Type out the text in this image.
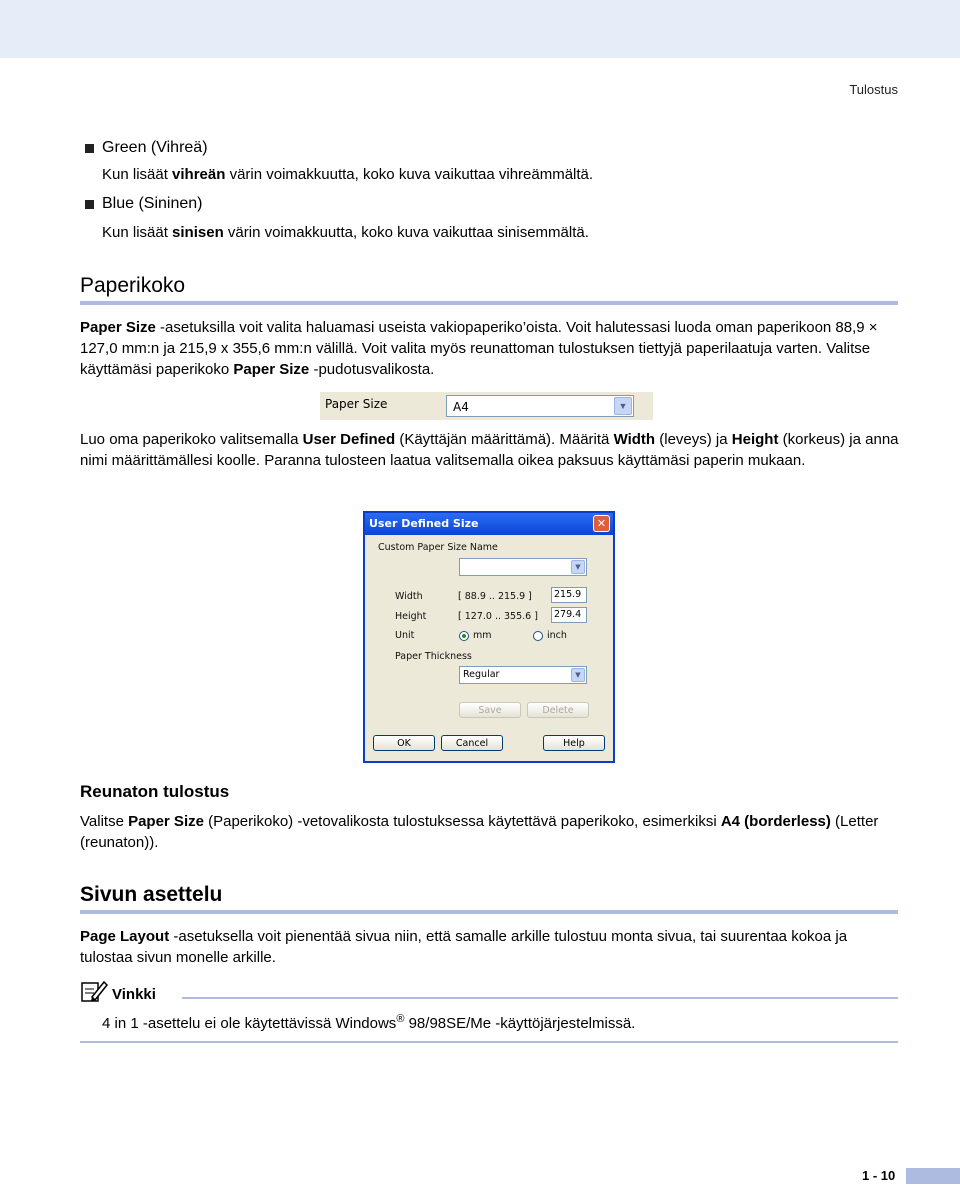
Tulostus
Green (Vihreä)
Kun lisäät vihreän värin voimakkuutta, koko kuva vaikuttaa vihreämmältä.
Blue (Sininen)
Kun lisäät sinisen värin voimakkuutta, koko kuva vaikuttaa sinisemmältä.
Paperikoko
Paper Size -asetuksilla voit valita haluamasi useista vakiopaperiko’oista. Voit halutessasi luoda oman paperikoon 88,9 × 127,0 mm:n ja 215,9 x 355,6 mm:n välillä. Voit valita myös reunattoman tulostuksen tiettyjä paperilaatuja varten. Valitse käyttämäsi paperikoko Paper Size -pudotusvalikosta.
Paper Size	A4	▼
Luo oma paperikoko valitsemalla User Defined (Käyttäjän määrittämä). Määritä Width (leveys) ja Height (korkeus) ja anna nimi määrittämällesi koolle. Paranna tulosteen laatua valitsemalla oikea paksuus käyttämäsi paperin mukaan.
User Defined Size	✕
Custom Paper Size Name
▼
Width	[ 88.9 .. 215.9 ]	215.9
Height	[ 127.0 .. 355.6 ]	279.4
Unit	mm	inch
Paper Thickness
Regular	▼
Save	Delete
OK	Cancel	Help
Reunaton tulostus
Valitse Paper Size (Paperikoko) -vetovalikosta tulostuksessa käytettävä paperikoko, esimerkiksi A4 (borderless) (Letter (reunaton)).
Sivun asettelu
Page Layout -asetuksella voit pienentää sivua niin, että samalle arkille tulostuu monta sivua, tai suurentaa kokoa ja tulostaa sivun monelle arkille.
Vinkki
4 in 1 -asettelu ei ole käytettävissä Windows® 98/98SE/Me -käyttöjärjestelmissä.
1 - 10
